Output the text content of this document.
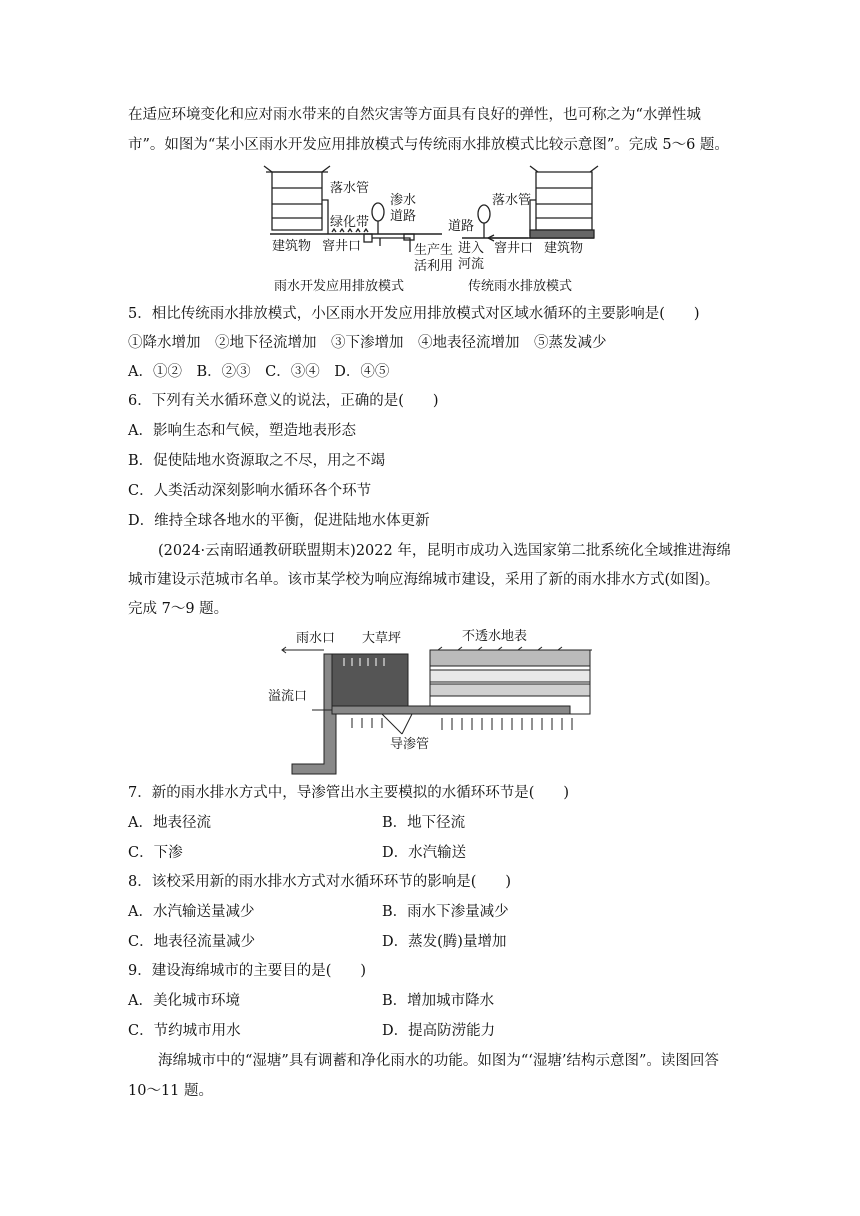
在适应环境变化和应对雨水带来的自然灾害等方面具有良好的弹性，也可称之为“水弹性城
市”。如图为“某小区雨水开发应用排放模式与传统雨水排放模式比较示意图”。完成 5～6 题。
落水管
渗水
道路
绿化带
建筑物 窨井口	生产生
活利用
雨水开发应用排放模式
落水管
道路
进入
河流
窨井口 建筑物
传统雨水排放模式
5．相比传统雨水排放模式，小区雨水开发应用排放模式对区域水循环的主要影响是(　　)
①降水增加　②地下径流增加　③下渗增加　④地表径流增加　⑤蒸发减少
A．①②　B．②③　C．③④　D．④⑤
6．下列有关水循环意义的说法，正确的是(　　)
A．影响生态和气候，塑造地表形态
B．促使陆地水资源取之不尽，用之不竭
C．人类活动深刻影响水循环各个环节
D．维持全球各地水的平衡，促进陆地水体更新
(2024·云南昭通教研联盟期末)2022 年，昆明市成功入选国家第二批系统化全域推进海绵
城市建设示范城市名单。该市某学校为响应海绵城市建设，采用了新的雨水排水方式(如图)。
完成 7～9 题。
雨水口 大草坪	不透水地表
溢流口
导渗管
7．新的雨水排水方式中，导渗管出水主要模拟的水循环环节是(　　)
A．地表径流	B．地下径流
C．下渗	D．水汽输送
8．该校采用新的雨水排水方式对水循环环节的影响是(　　)
A．水汽输送量减少	B．雨水下渗量减少
C．地表径流量减少	D．蒸发(腾)量增加
9．建设海绵城市的主要目的是(　　)
A．美化城市环境	B．增加城市降水
C．节约城市用水	D．提高防涝能力
海绵城市中的“湿塘”具有调蓄和净化雨水的功能。如图为“‘湿塘’结构示意图”。读图回答
10～11 题。
